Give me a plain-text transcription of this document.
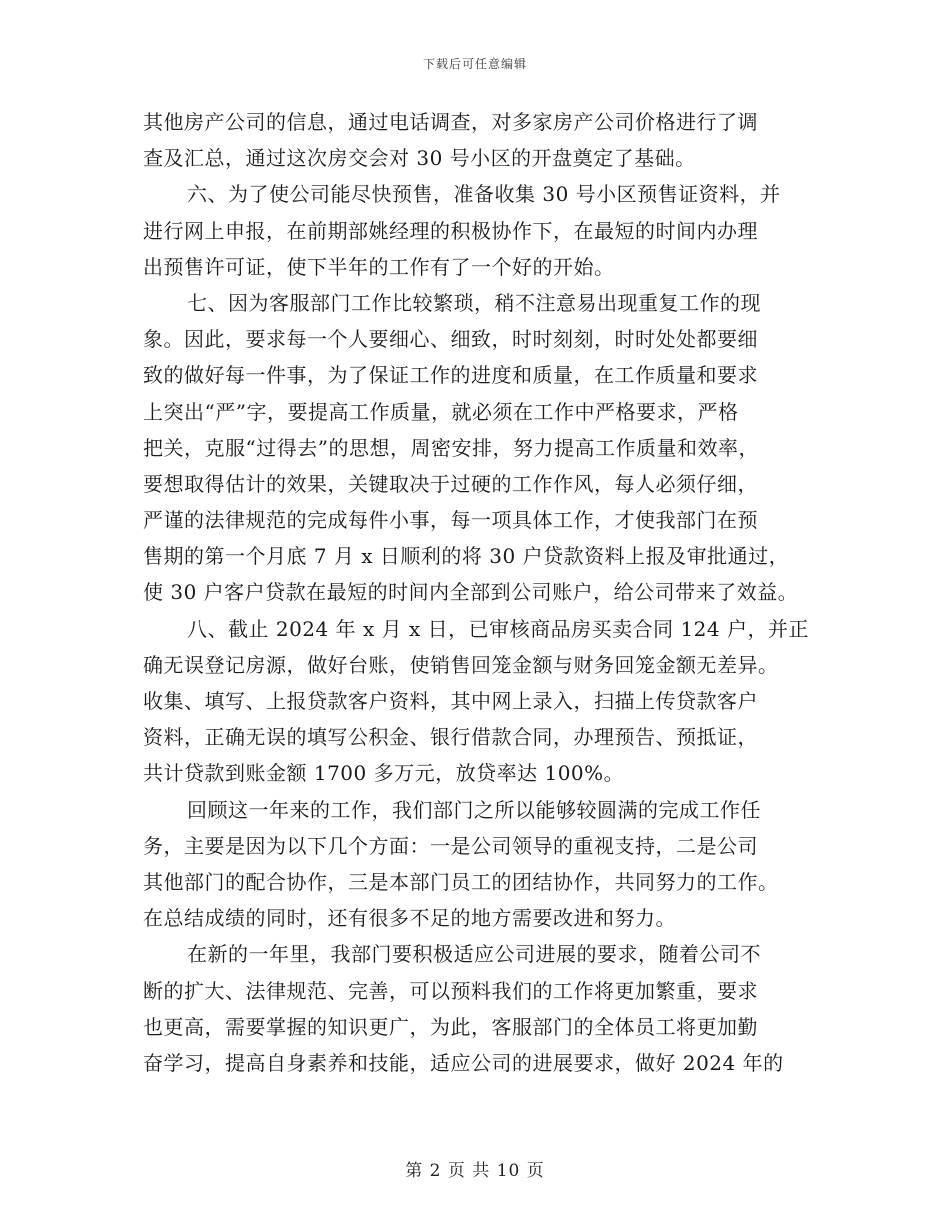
下载后可任意编辑
其他房产公司的信息，通过电话调查，对多家房产公司价格进行了调
查及汇总，通过这次房交会对 30 号小区的开盘奠定了基础。
六、为了使公司能尽快预售，准备收集 30 号小区预售证资料，并
进行网上申报，在前期部姚经理的积极协作下，在最短的时间内办理
出预售许可证，使下半年的工作有了一个好的开始。
七、因为客服部门工作比较繁琐，稍不注意易出现重复工作的现
象。因此，要求每一个人要细心、细致，时时刻刻，时时处处都要细
致的做好每一件事，为了保证工作的进度和质量，在工作质量和要求
上突出“严”字，要提高工作质量，就必须在工作中严格要求，严格
把关，克服“过得去”的思想，周密安排，努力提高工作质量和效率，
要想取得估计的效果，关键取决于过硬的工作作风，每人必须仔细，
严谨的法律规范的完成每件小事，每一项具体工作，才使我部门在预
售期的第一个月底 7 月 x 日顺利的将 30 户贷款资料上报及审批通过，
使 30 户客户贷款在最短的时间内全部到公司账户，给公司带来了效益。
八、截止 2024 年 x 月 x 日，已审核商品房买卖合同 124 户，并正
确无误登记房源，做好台账，使销售回笼金额与财务回笼金额无差异。
收集、填写、上报贷款客户资料，其中网上录入，扫描上传贷款客户
资料，正确无误的填写公积金、银行借款合同，办理预告、预抵证，
共计贷款到账金额 1700 多万元，放贷率达 100%。
回顾这一年来的工作，我们部门之所以能够较圆满的完成工作任
务，主要是因为以下几个方面：一是公司领导的重视支持，二是公司
其他部门的配合协作，三是本部门员工的团结协作，共同努力的工作。
在总结成绩的同时，还有很多不足的地方需要改进和努力。
在新的一年里，我部门要积极适应公司进展的要求，随着公司不
断的扩大、法律规范、完善，可以预料我们的工作将更加繁重，要求
也更高，需要掌握的知识更广，为此，客服部门的全体员工将更加勤
奋学习，提高自身素养和技能，适应公司的进展要求，做好 2024 年的
第 2 页 共 10 页
